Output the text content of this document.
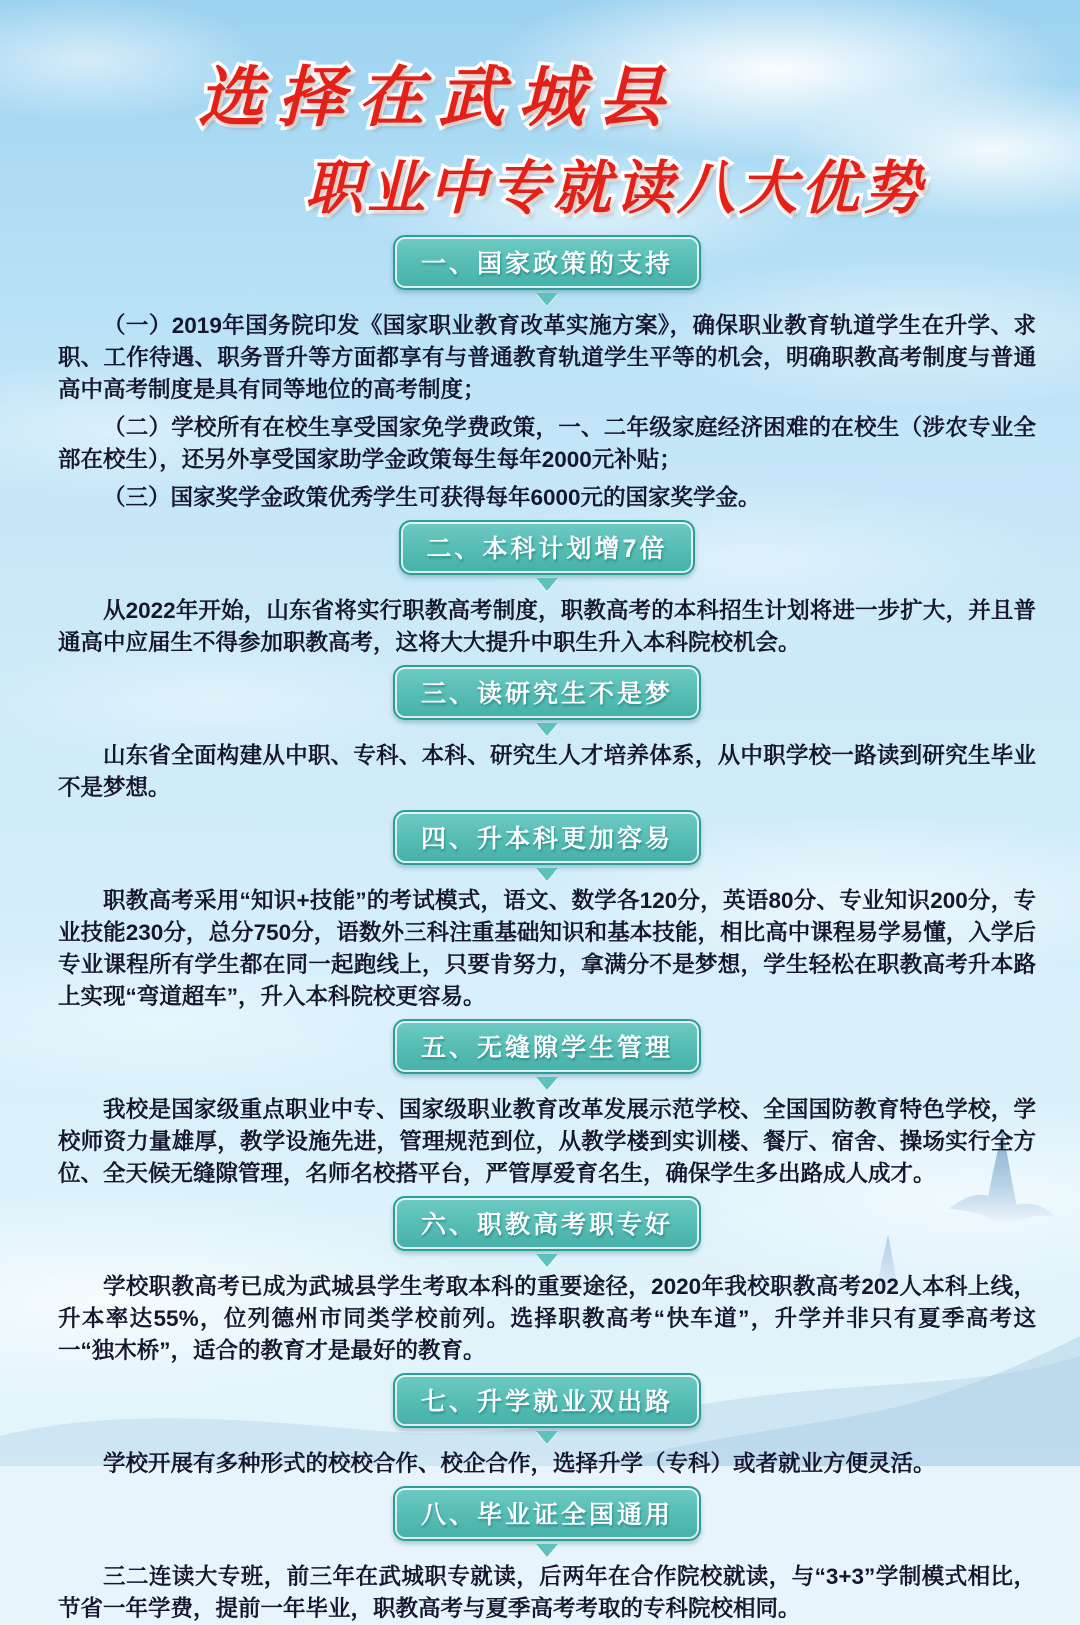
选择在武城县
职业中专就读八大优势
一、国家政策的支持

（一）2019年国务院印发《国家职业教育改革实施方案》，确保职业教育轨道学生在升学、求职、工作待遇、职务晋升等方面都享有与普通教育轨道学生平等的机会，明确职教高考制度与普通高中高考制度是具有同等地位的高考制度；

（二）学校所有在校生享受国家免学费政策，一、二年级家庭经济困难的在校生（涉农专业全部在校生），还另外享受国家助学金政策每生每年2000元补贴；

（三）国家奖学金政策优秀学生可获得每年6000元的国家奖学金。

二、本科计划增7倍

从2022年开始，山东省将实行职教高考制度，职教高考的本科招生计划将进一步扩大，并且普通高中应届生不得参加职教高考，这将大大提升中职生升入本科院校机会。

三、读研究生不是梦

山东省全面构建从中职、专科、本科、研究生人才培养体系，从中职学校一路读到研究生毕业不是梦想。

四、升本科更加容易

职教高考采用“知识+技能”的考试模式，语文、数学各120分，英语80分、专业知识200分，专业技能230分，总分750分，语数外三科注重基础知识和基本技能，相比高中课程易学易懂，入学后专业课程所有学生都在同一起跑线上，只要肯努力，拿满分不是梦想，学生轻松在职教高考升本路上实现“弯道超车”，升入本科院校更容易。

五、无缝隙学生管理

我校是国家级重点职业中专、国家级职业教育改革发展示范学校、全国国防教育特色学校，学校师资力量雄厚，教学设施先进，管理规范到位，从教学楼到实训楼、餐厅、宿舍、操场实行全方位、全天候无缝隙管理，名师名校搭平台，严管厚爱育名生，确保学生多出路成人成才。

六、职教高考职专好

学校职教高考已成为武城县学生考取本科的重要途径，2020年我校职教高考202人本科上线，升本率达55%，位列德州市同类学校前列。选择职教高考“快车道”，升学并非只有夏季高考这一“独木桥”，适合的教育才是最好的教育。

七、升学就业双出路

学校开展有多种形式的校校合作、校企合作，选择升学（专科）或者就业方便灵活。

八、毕业证全国通用

三二连读大专班，前三年在武城职专就读，后两年在合作院校就读，与“3+3”学制模式相比，节省一年学费，提前一年毕业，职教高考与夏季高考考取的专科院校相同。
